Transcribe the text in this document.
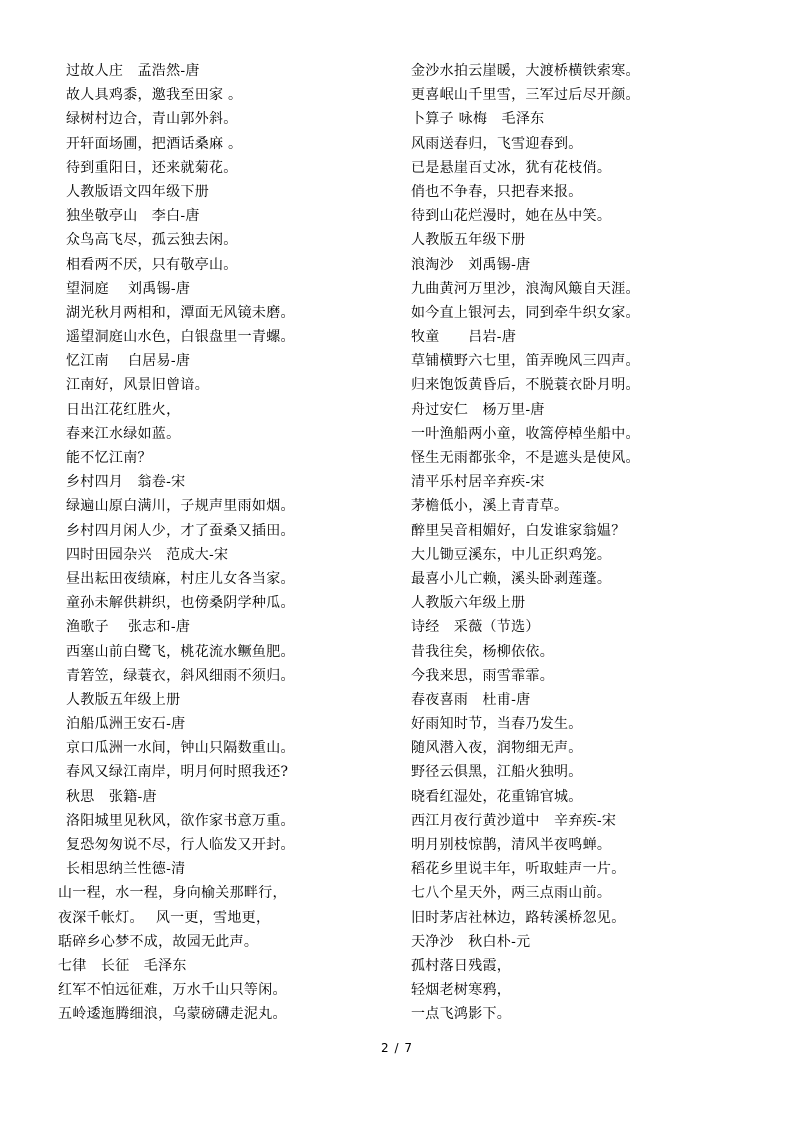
过故人庄　孟浩然-唐
故人具鸡黍，邀我至田家 。
绿树村边合，青山郭外斜。
开轩面场圃，把酒话桑麻 。
待到重阳日，还来就菊花。
人教版语文四年级下册
独坐敬亭山　李白-唐
众鸟高飞尽，孤云独去闲。
相看两不厌，只有敬亭山。
望洞庭　 刘禹锡-唐
湖光秋月两相和，潭面无风镜未磨。
遥望洞庭山水色，白银盘里一青螺。
忆江南　 白居易-唐
江南好，风景旧曾谙。
日出江花红胜火，
春来江水绿如蓝。
能不忆江南？
乡村四月　翁卷-宋
绿遍山原白满川，子规声里雨如烟。
乡村四月闲人少，才了蚕桑又插田。
四时田园杂兴　范成大-宋
昼出耘田夜绩麻，村庄儿女各当家。
童孙未解供耕织，也傍桑阴学种瓜。
渔歌子　 张志和-唐
西塞山前白鹭飞，桃花流水鳜鱼肥。
青箬笠，绿蓑衣，斜风细雨不须归。
人教版五年级上册
泊船瓜洲王安石-唐
京口瓜洲一水间，钟山只隔数重山。
春风又绿江南岸，明月何时照我还?
秋思　张籍-唐
洛阳城里见秋风，欲作家书意万重。
复恐匆匆说不尽，行人临发又开封。
长相思纳兰性德-清
山一程，水一程，身向榆关那畔行，
夜深千帐灯。　 风一更，雪地更，
聒碎乡心梦不成，故园无此声。
七律　长征　毛泽东
红军不怕远征难，万水千山只等闲。
五岭逶迤腾细浪，乌蒙磅礴走泥丸。
金沙水拍云崖暖，大渡桥横铁索寒。
更喜岷山千里雪，三军过后尽开颜。
卜算子 咏梅　毛泽东
风雨送春归，飞雪迎春到。
已是悬崖百丈冰，犹有花枝俏。
俏也不争春，只把春来报。
待到山花烂漫时，她在丛中笑。
人教版五年级下册
浪淘沙　刘禹锡-唐
九曲黄河万里沙，浪淘风簸自天涯。
如今直上银河去，同到牵牛织女家。
牧童　　吕岩-唐
草铺横野六七里，笛弄晚风三四声。
归来饱饭黄昏后，不脱蓑衣卧月明。
舟过安仁　杨万里-唐
一叶渔船两小童，收篙停棹坐船中。
怪生无雨都张伞，不是遮头是使风。
清平乐村居辛弃疾-宋
茅檐低小，溪上青青草。
醉里吴音相媚好，白发谁家翁媪？
大儿锄豆溪东，中儿正织鸡笼。
最喜小儿亡赖，溪头卧剥莲蓬。
人教版六年级上册
诗经　采薇（节选）
昔我往矣，杨柳依依。
今我来思，雨雪霏霏。
春夜喜雨　杜甫-唐
好雨知时节，当春乃发生。
随风潜入夜，润物细无声。
野径云俱黑，江船火独明。
晓看红湿处，花重锦官城。
西江月夜行黄沙道中　辛弃疾-宋
明月别枝惊鹊，清风半夜鸣蝉。
稻花乡里说丰年，听取蛙声一片。
七八个星天外，两三点雨山前。
旧时茅店社林边，路转溪桥忽见。
天净沙　秋白朴-元
孤村落日残霞，
轻烟老树寒鸦，
一点飞鸿影下。
2 / 7
